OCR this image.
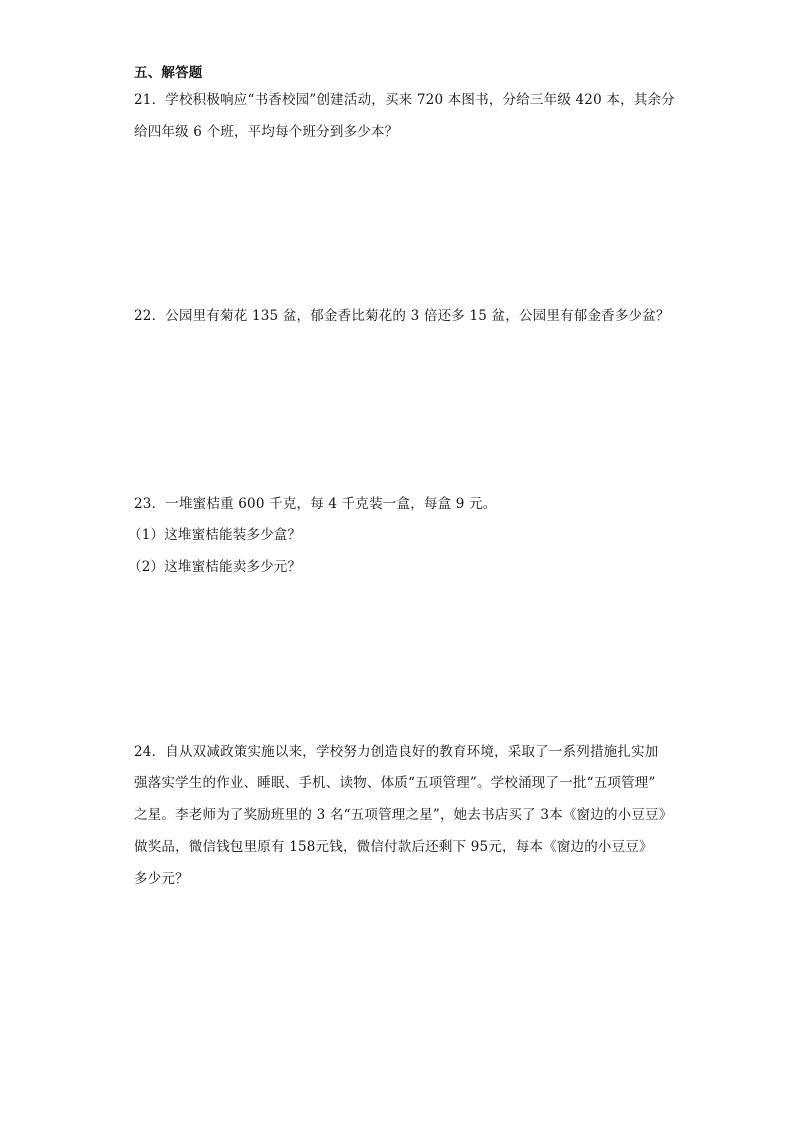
五、解答题
21．学校积极响应“书香校园”创建活动，买来 720 本图书，分给三年级 420 本，其余分
给四年级 6 个班，平均每个班分到多少本？
22．公园里有菊花 135 盆，郁金香比菊花的 3 倍还多 15 盆，公园里有郁金香多少盆？
23．一堆蜜桔重 600 千克，每 4 千克装一盒，每盒 9 元。
（1）这堆蜜桔能装多少盒？
（2）这堆蜜桔能卖多少元？
24．自从双减政策实施以来，学校努力创造良好的教育环境，采取了一系列措施扎实加
强落实学生的作业、睡眠、手机、读物、体质“五项管理”。学校涌现了一批“五项管理”
之星。李老师为了奖励班里的 3 名“五项管理之星”，她去书店买了 3本《窗边的小豆豆》
做奖品，微信钱包里原有 158元钱，微信付款后还剩下 95元，每本《窗边的小豆豆》
多少元？
